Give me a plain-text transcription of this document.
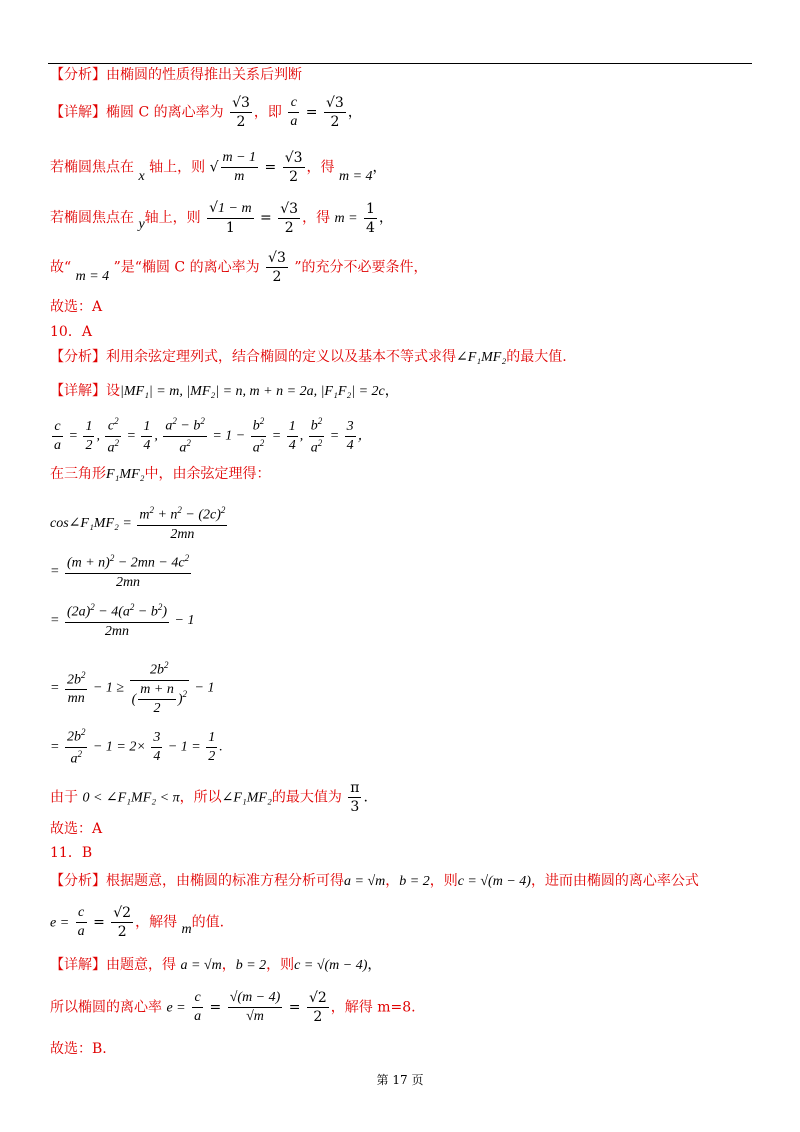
【分析】由椭圆的性质得推出关系后判断
【详解】椭圆 C 的离心率为 $\frac{√3}{2}$ ，即 $\frac{c}{a} = \frac{√3}{2}$ ，
若椭圆焦点在 x 轴上，则 √ $\frac{m - 1}{m} = \frac{√3}{2}$ ，得 m = 4，
若椭圆焦点在 y轴上，则 $\frac{√1 - m}{1} = \frac{√3}{2}$ ，得 $m = \frac{1}{4}$ ，
故“ m = 4 ”是“椭圆 C 的离心率为 $\frac{√3}{2}$ ”的充分不必要条件，
故选：A
10．A
【分析】利用余弦定理列式，结合椭圆的定义以及基本不等式求得∠F₁MF₂的最大值.
【详解】设|MF₁| = m, |MF₂| = n, m + n = 2a, |F₁F₂| = 2c，
$\frac{c}{a} = \frac{1}{2}$ , $\frac{c^2}{a^2} = \frac{1}{4}$ , $\frac{a^2 - b^2}{a^2} = 1 - \frac{b^2}{a^2} = \frac{1}{4}$ , $\frac{b^2}{a^2} = \frac{3}{4}$ ，
在三角形F₁MF₂中，由余弦定理得：
cos∠F₁MF₂ = $\frac{m^2 + n^2 - (2c)^2}{2mn}$
= $\frac{(m + n)^2 - 2mn - 4c^2}{2mn}$
= $\frac{(2a)^2 - 4(a^2 - b^2)}{2mn} - 1$
= $\frac{2b^2}{mn} - 1 \ge \frac{2b^2}{( \frac{m + n}{2} )^2} - 1$
= $\frac{2b^2}{a^2} - 1 = 2\times \frac{3}{4} - 1 = \frac{1}{2}$ .
由于 0 < ∠F₁MF₂ < π，所以∠F₁MF₂的最大值为 $\frac{\pi}{3}$ .
故选：A
11．B
【分析】根据题意，由椭圆的标准方程分析可得a = √m，b = 2，则c = √(m − 4)，进而由椭圆的离心率公式
$e = \frac{c}{a} = \frac{√2}{2}$ ，解得 m的值.
【详解】由题意，得 a = √m，b = 2，则c = √(m − 4)，
所以椭圆的离心率 $e = \frac{c}{a} = \frac{√(m - 4)}{√m} = \frac{√2}{2}$ ，解得 m=8.
故选：B.
第 17 页
